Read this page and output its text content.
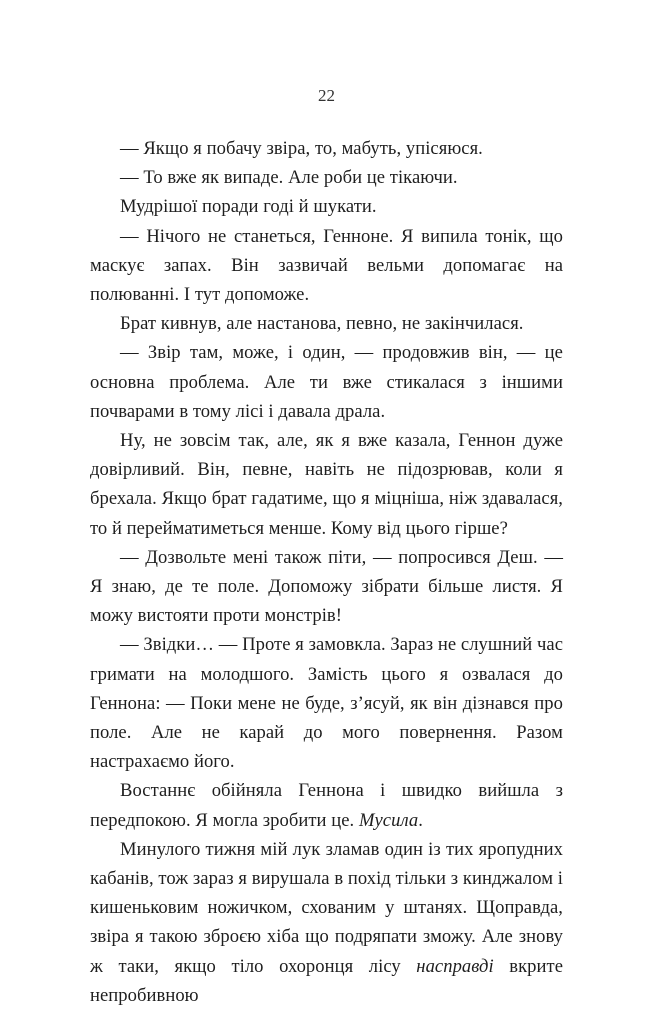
22

— Якщо я побачу звіра, то, мабуть, упісяюся.

— То вже як випаде. Але роби це тікаючи.

Мудрішої поради годі й шукати.

— Нічого не станеться, Генноне. Я випила тонік, що маскує запах. Він зазвичай вельми допомагає на полюванні. І тут допоможе.

Брат кивнув, але настанова, певно, не закінчилася.

— Звір там, може, і один, — продовжив він, — це основна проблема. Але ти вже стикалася з іншими почварами в тому лісі і давала драла.

Ну, не зовсім так, але, як я вже казала, Геннон дуже довірливий. Він, певне, навіть не підозрював, коли я брехала. Якщо брат гадатиме, що я міцніша, ніж здавалася, то й перейматиметься менше. Кому від цього гірше?

— Дозвольте мені також піти, — попросився Деш. — Я знаю, де те поле. Допоможу зібрати більше листя. Я можу вистояти проти монстрів!

— Звідки… — Проте я замовкла. Зараз не слушний час гримати на молодшого. Замість цього я озвалася до Геннона: — Поки мене не буде, з’ясуй, як він дізнався про поле. Але не карай до мого повернення. Разом настрахаємо його.

Востаннє обійняла Геннона і швидко вийшла з передпокою. Я могла зробити це. Мусила.

Минулого тижня мій лук зламав один із тих яропудних кабанів, тож зараз я вирушала в похід тільки з кинджалом і кишеньковим ножичком, схованим у штанях. Щоправда, звіра я такою зброєю хіба що подряпати зможу. Але знову ж таки, якщо тіло охоронця лісу насправді вкрите непробивною
